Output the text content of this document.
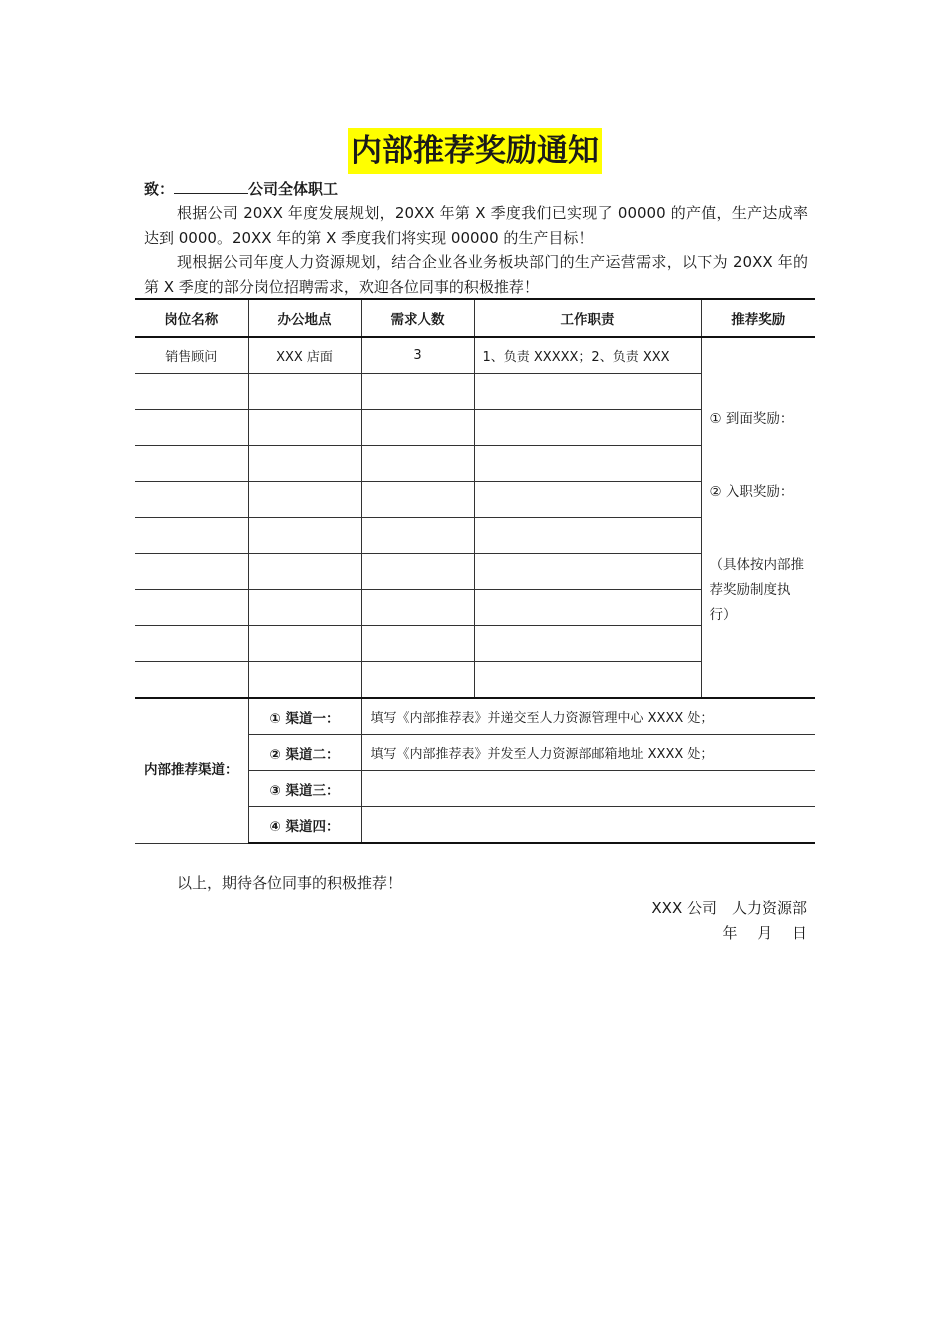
内部推荐奖励通知
致：	公司全体职工
根据公司 20XX 年度发展规划，20XX 年第 X 季度我们已实现了 00000 的产值，生产达成率达到 0000。20XX 年的第 X 季度我们将实现 00000 的生产目标！
现根据公司年度人力资源规划，结合企业各业务板块部门的生产运营需求，以下为 20XX 年的第 X 季度的部分岗位招聘需求，欢迎各位同事的积极推荐！
岗位名称	办公地点	需求人数	工作职责	推荐奖励
销售顾问	XXX 店面	3	1、负责 XXXXX；2、负责 XXX	① 到面奖励：
② 入职奖励：
（具体按内部推荐奖励制度执行）

内部推荐渠道：	① 渠道一：	填写《内部推荐表》并递交至人力资源管理中心 XXXX 处；		
	② 渠道二：	填写《内部推荐表》并发至人力资源部邮箱地址 XXXX 处；		
	③ 渠道三：			
	④ 渠道四：			
以上，期待各位同事的积极推荐！
XXX 公司　人力资源部
年　 月　 日
